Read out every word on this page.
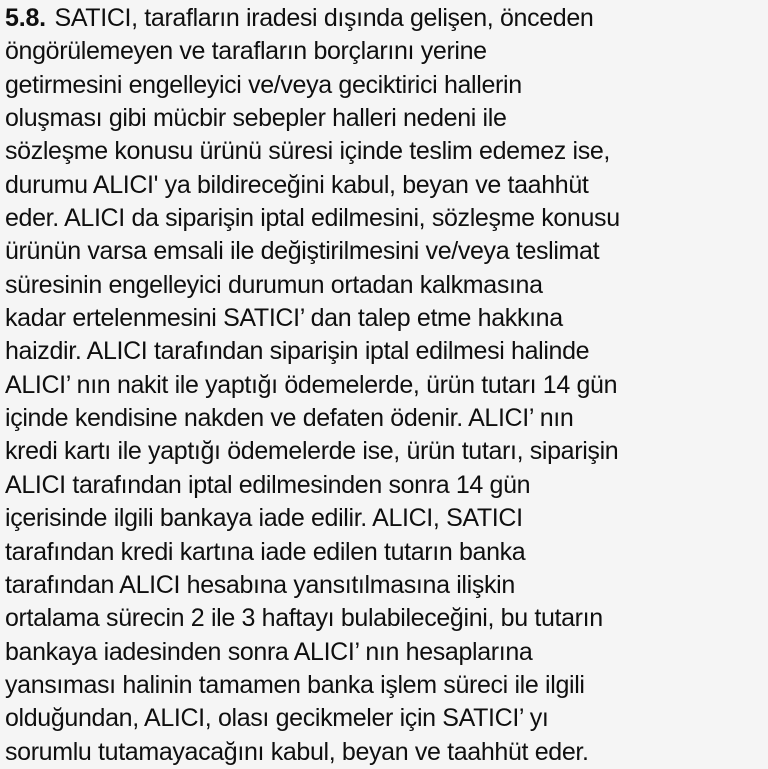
5.8. SATICI, tarafların iradesi dışında gelişen, önceden
öngörülemeyen ve tarafların borçlarını yerine
getirmesini engelleyici ve/veya geciktirici hallerin
oluşması gibi mücbir sebepler halleri nedeni ile
sözleşme konusu ürünü süresi içinde teslim edemez ise,
durumu ALICI' ya bildireceğini kabul, beyan ve taahhüt
eder. ALICI da siparişin iptal edilmesini, sözleşme konusu
ürünün varsa emsali ile değiştirilmesini ve/veya teslimat
süresinin engelleyici durumun ortadan kalkmasına
kadar ertelenmesini SATICI’ dan talep etme hakkına
haizdir. ALICI tarafından siparişin iptal edilmesi halinde
ALICI’ nın nakit ile yaptığı ödemelerde, ürün tutarı 14 gün
içinde kendisine nakden ve defaten ödenir. ALICI’ nın
kredi kartı ile yaptığı ödemelerde ise, ürün tutarı, siparişin
ALICI tarafından iptal edilmesinden sonra 14 gün
içerisinde ilgili bankaya iade edilir. ALICI, SATICI
tarafından kredi kartına iade edilen tutarın banka
tarafından ALICI hesabına yansıtılmasına ilişkin
ortalama sürecin 2 ile 3 haftayı bulabileceğini, bu tutarın
bankaya iadesinden sonra ALICI’ nın hesaplarına
yansıması halinin tamamen banka işlem süreci ile ilgili
olduğundan, ALICI, olası gecikmeler için SATICI’ yı
sorumlu tutamayacağını kabul, beyan ve taahhüt eder.
